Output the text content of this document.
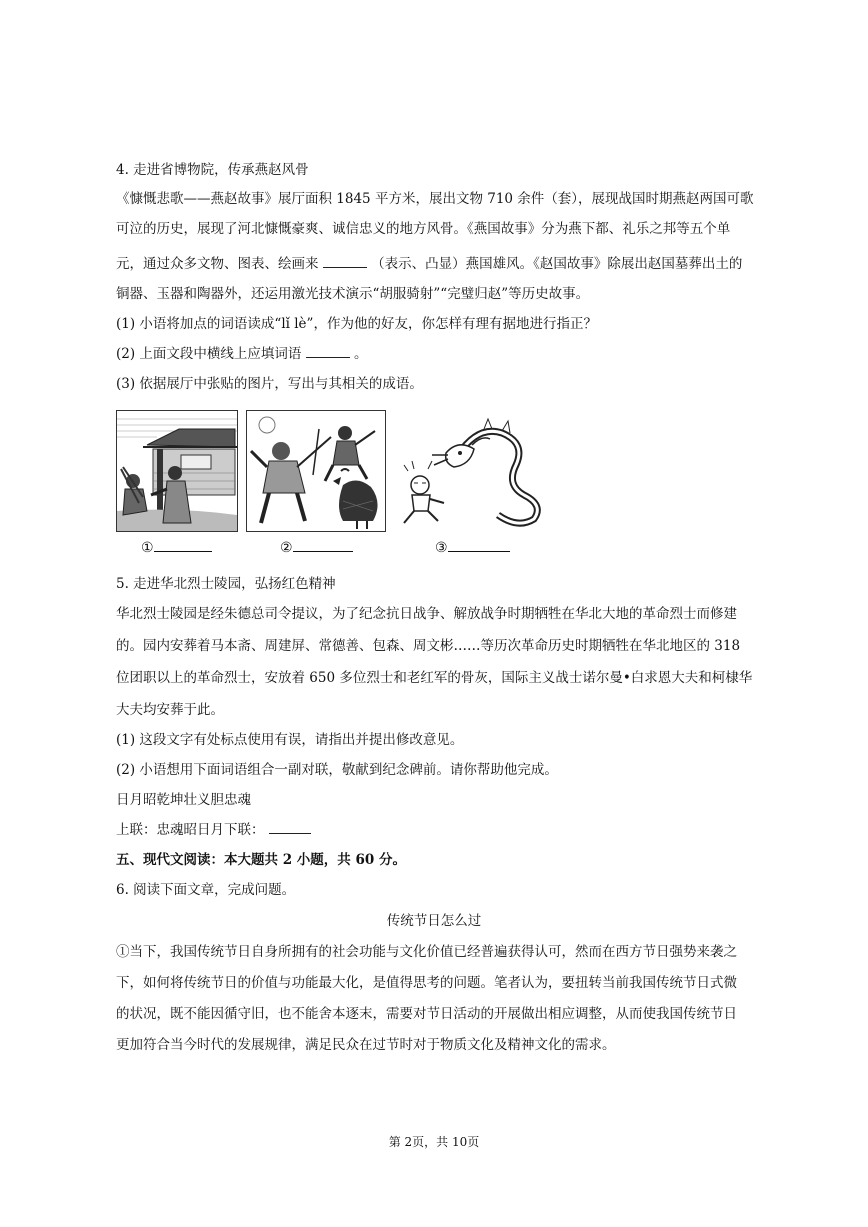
4. 走进省博物院，传承燕赵风骨
《慷慨悲歌——燕赵故事》展厅面积 1845 平方米，展出文物 710 余件（套），展现战国时期燕赵两国可歌
可泣的历史，展现了河北慷慨豪爽、诚信忠义的地方风骨。《燕国故事》分为燕下都、礼乐之邦等五个单
元，通过众多文物、图表、绘画来	（表示、凸显）燕国雄风。《赵国故事》除展出赵国墓葬出土的
铜器、玉器和陶器外，还运用激光技术演示“胡服骑射”“完璧归赵”等历史故事。
(1) 小语将加点的词语读成“lǐ lè”，作为他的好友，你怎样有理有据地进行指正？
(2) 上面文段中横线上应填词语	。
(3) 依据展厅中张贴的图片，写出与其相关的成语。
①	②	③
5. 走进华北烈士陵园，弘扬红色精神
华北烈士陵园是经朱德总司令提议，为了纪念抗日战争、解放战争时期牺牲在华北大地的革命烈士而修建
的。园内安葬着马本斋、周建屏、常德善、包森、周文彬……等历次革命历史时期牺牲在华北地区的 318
位团职以上的革命烈士，安放着 650 多位烈士和老红军的骨灰，国际主义战士诺尔曼•白求恩大夫和柯棣华
大夫均安葬于此。
(1) 这段文字有处标点使用有误，请指出并提出修改意见。
(2) 小语想用下面词语组合一副对联，敬献到纪念碑前。请你帮助他完成。
日月昭乾坤壮义胆忠魂
上联：忠魂昭日月下联：
五、现代文阅读：本大题共 2 小题，共 60 分。
6. 阅读下面文章，完成问题。
传统节日怎么过
①当下，我国传统节日自身所拥有的社会功能与文化价值已经普遍获得认可，然而在西方节日强势来袭之
下，如何将传统节日的价值与功能最大化，是值得思考的问题。笔者认为，要扭转当前我国传统节日式微
的状况，既不能因循守旧，也不能舍本逐末，需要对节日活动的开展做出相应调整，从而使我国传统节日
更加符合当今时代的发展规律，满足民众在过节时对于物质文化及精神文化的需求。
第 2页，共 10页
